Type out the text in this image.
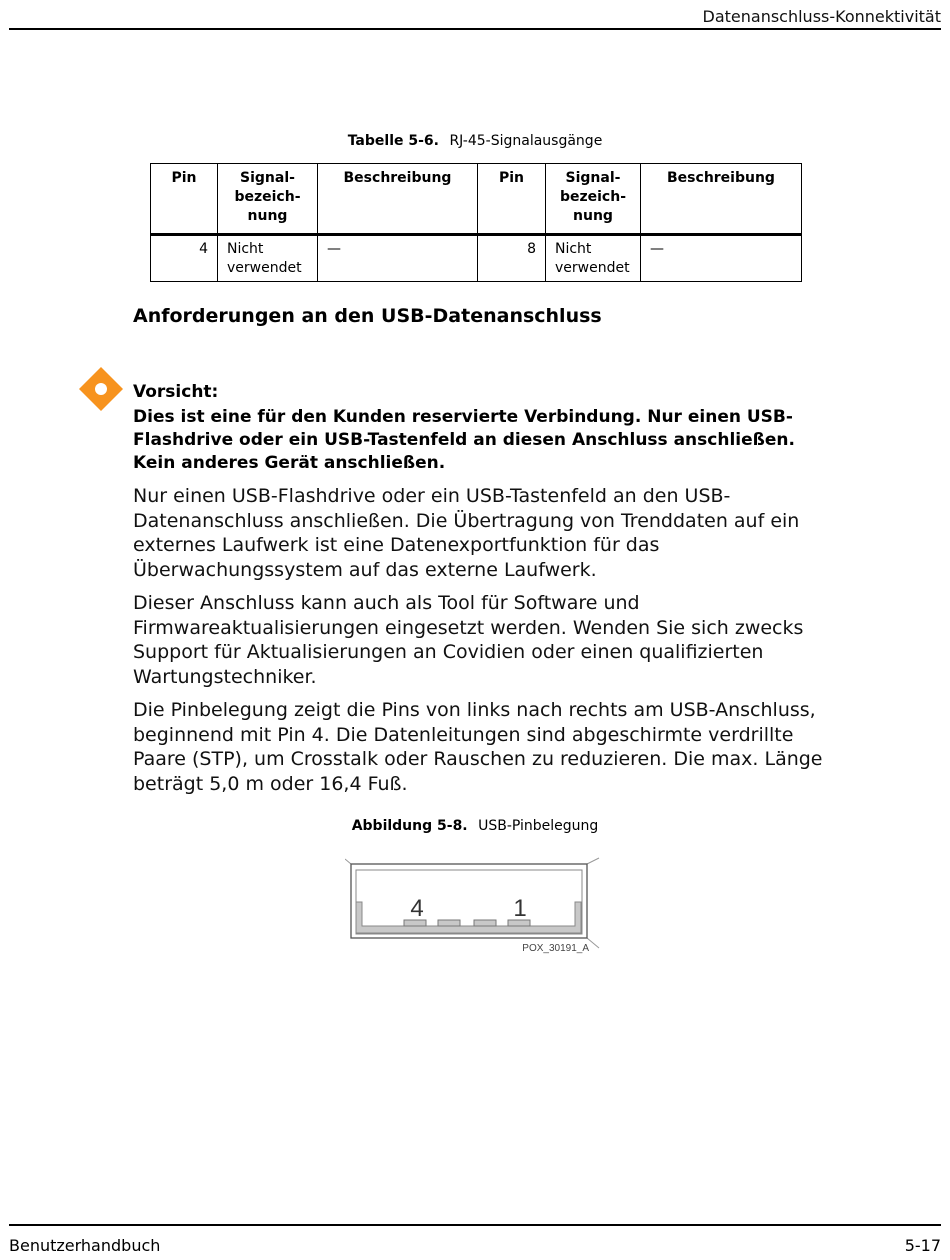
Datenanschluss-Konnektivität
Tabelle 5-6. RJ-45-Signalausgänge
Pin	Signal-bezeich-nung	Beschreibung	Pin	Signal-bezeich-nung	Beschreibung
4	Nicht verwendet	—	8	Nicht verwendet	—
Anforderungen an den USB-Datenanschluss
Vorsicht:
Dies ist eine für den Kunden reservierte Verbindung. Nur einen USB-Flashdrive oder ein USB-Tastenfeld an diesen Anschluss anschließen. Kein anderes Gerät anschließen.

Nur einen USB-Flashdrive oder ein USB-Tastenfeld an den USB-Datenanschluss anschließen. Die Übertragung von Trenddaten auf ein externes Laufwerk ist eine Datenexportfunktion für das Überwachungssystem auf das externe Laufwerk.

Dieser Anschluss kann auch als Tool für Software und Firmwareaktualisierungen eingesetzt werden. Wenden Sie sich zwecks Support für Aktualisierungen an Covidien oder einen qualifizierten Wartungstechniker.

Die Pinbelegung zeigt die Pins von links nach rechts am USB-Anschluss, beginnend mit Pin 4. Die Datenleitungen sind abgeschirmte verdrillte Paare (STP), um Crosstalk oder Rauschen zu reduzieren. Die max. Länge beträgt 5,0 m oder 16,4 Fuß.

Abbildung 5-8. USB-Pinbelegung
4	1
POX_30191_A
Benutzerhandbuch	5-17
